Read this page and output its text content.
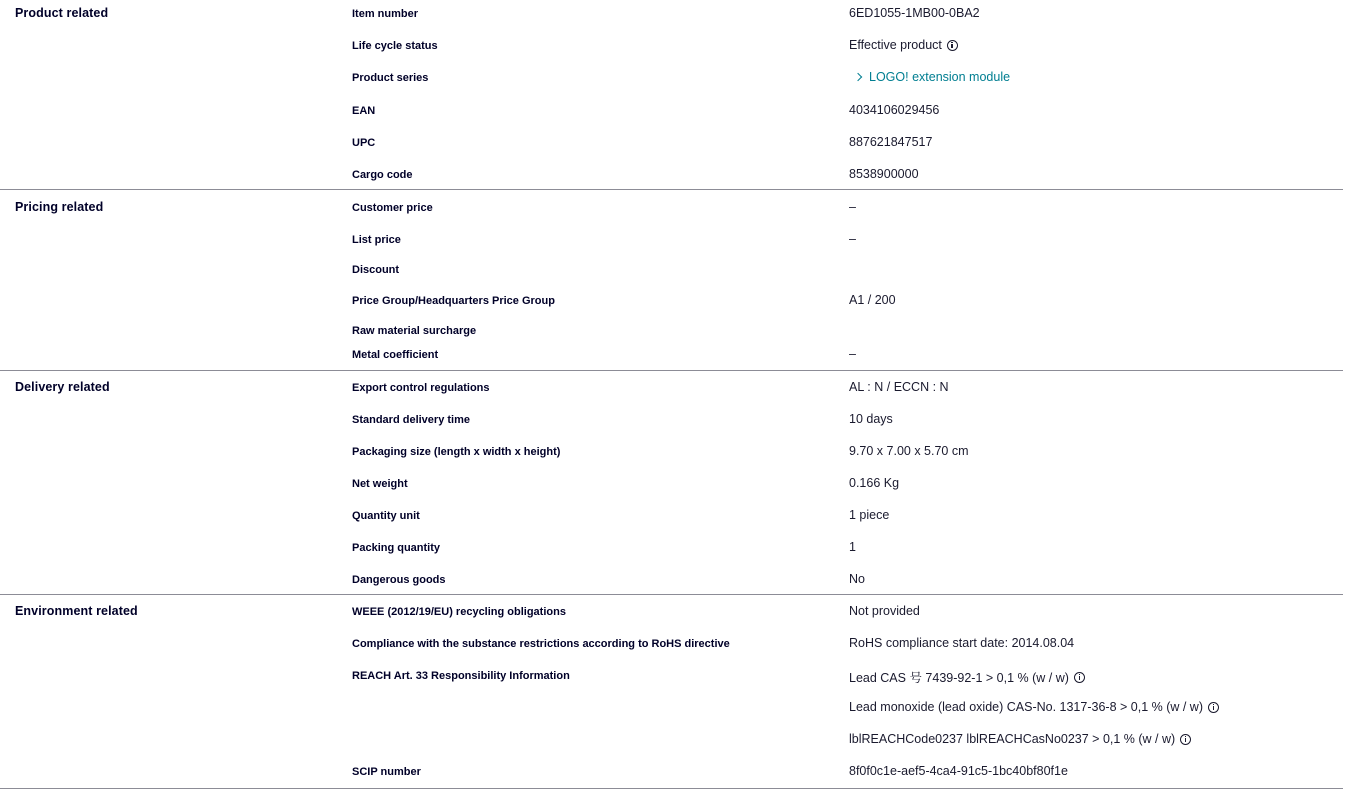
Product related	Item number	6ED1055-1MB00-0BA2
Life cycle status	Effective product
Product series	LOGO! extension module
EAN	4034106029456
UPC	887621847517
Cargo code	8538900000
Pricing related	Customer price	–
List price	–
Discount
Price Group/Headquarters Price Group	A1 / 200
Raw material surcharge
Metal coefficient	–
Delivery related	Export control regulations	AL : N / ECCN : N
Standard delivery time	10 days
Packaging size (length x width x height)	9.70 x 7.00 x 5.70 cm
Net weight	0.166 Kg
Quantity unit	1 piece
Packing quantity	1
Dangerous goods	No
Environment related	WEEE (2012/19/EU) recycling obligations	Not provided
Compliance with the substance restrictions according to RoHS directive	RoHS compliance start date: 2014.08.04
REACH Art. 33 Responsibility Information	Lead CAS 号 7439-92-1 > 0,1 % (w / w)
Lead monoxide (lead oxide) CAS-No. 1317-36-8 > 0,1 % (w / w)
lblREACHCode0237 lblREACHCasNo0237 > 0,1 % (w / w)
SCIP number	8f0f0c1e-aef5-4ca4-91c5-1bc40bf80f1e
